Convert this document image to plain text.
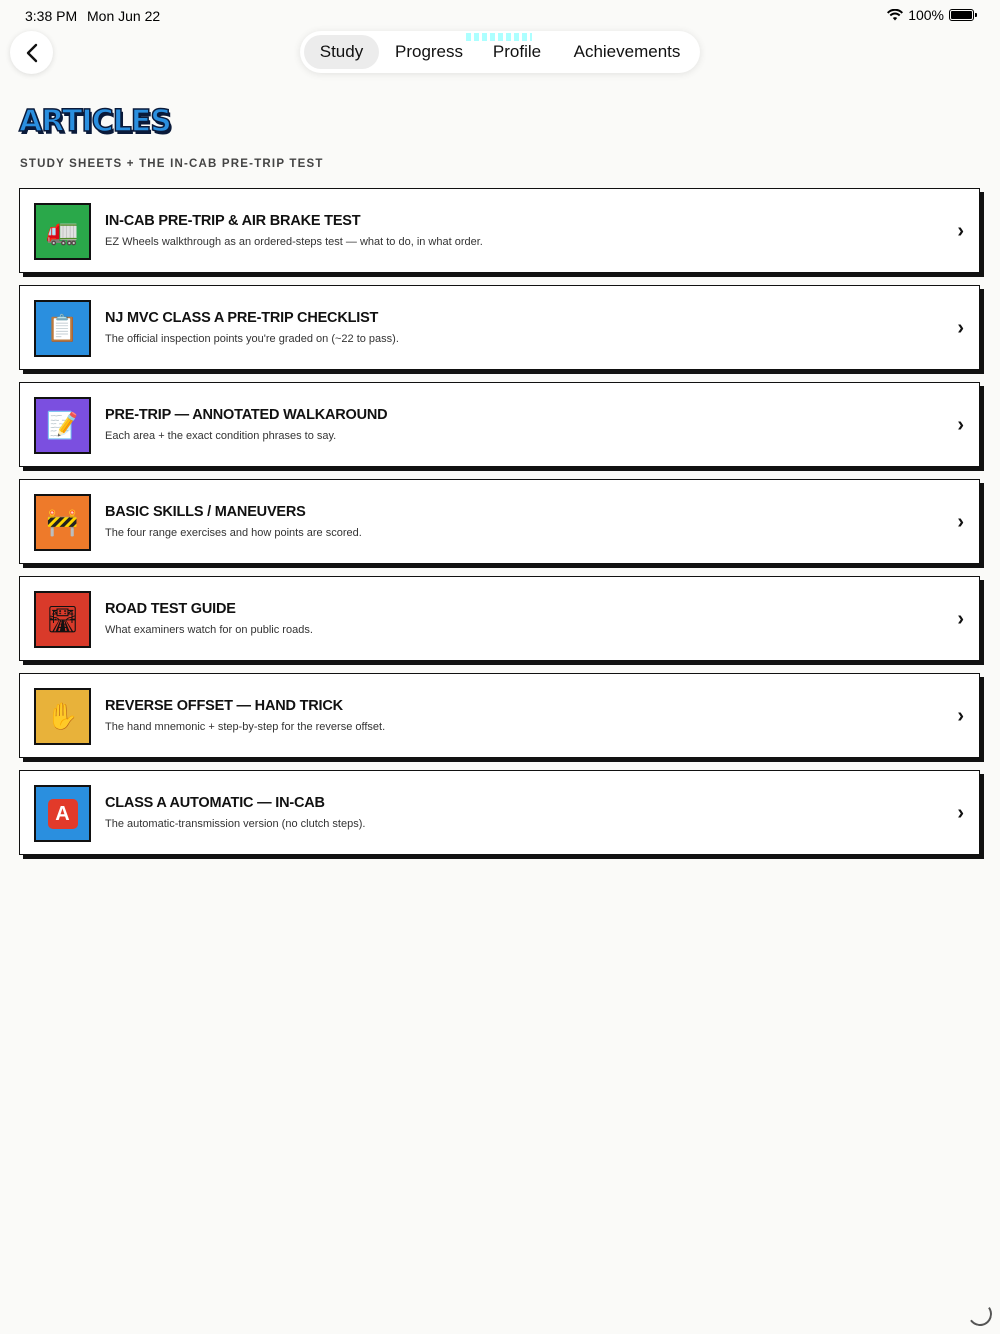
3:38 PM Mon Jun 22	100%
Study	Progress	Profile	Achievements
ARTICLES
STUDY SHEETS + THE IN-CAB PRE-TRIP TEST
🚛	IN-CAB PRE-TRIP & AIR BRAKE TEST
EZ Wheels walkthrough as an ordered-steps test — what to do, in what order.	›
📋	NJ MVC CLASS A PRE-TRIP CHECKLIST
The official inspection points you're graded on (~22 to pass).	›
📝	PRE-TRIP — ANNOTATED WALKAROUND
Each area + the exact condition phrases to say.	›
🚧	BASIC SKILLS / MANEUVERS
The four range exercises and how points are scored.	›
🛣	ROAD TEST GUIDE
What examiners watch for on public roads.	›
✋	REVERSE OFFSET — HAND TRICK
The hand mnemonic + step-by-step for the reverse offset.	›
A	CLASS A AUTOMATIC — IN-CAB
The automatic-transmission version (no clutch steps).	›
